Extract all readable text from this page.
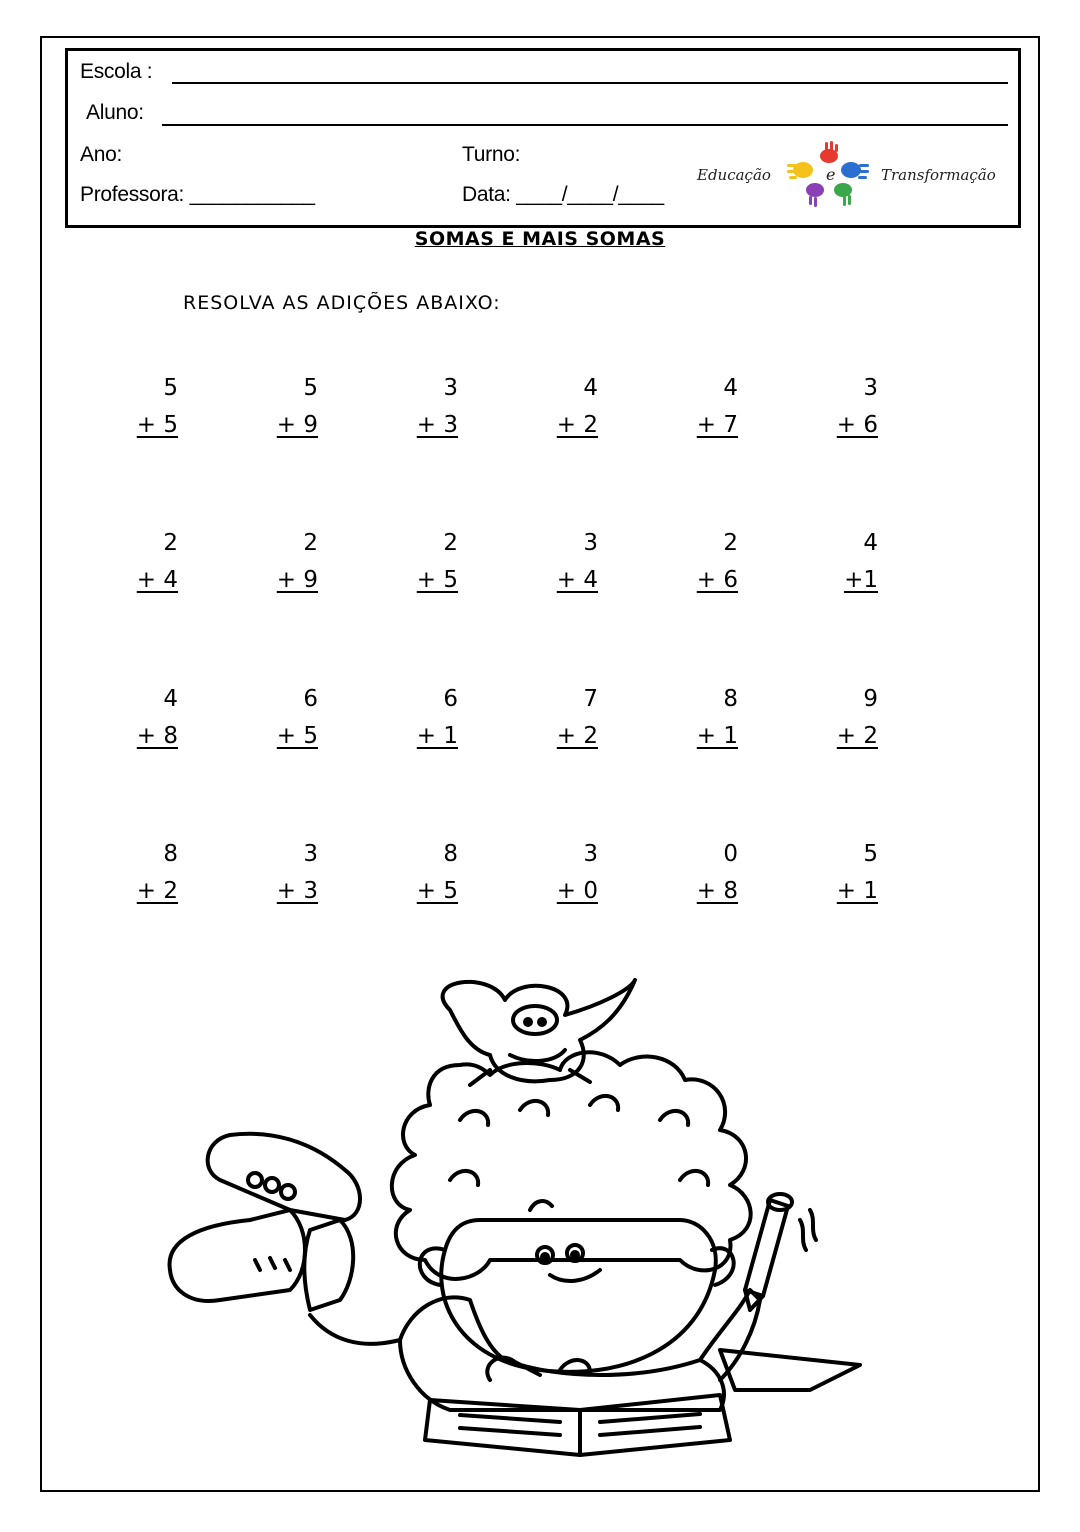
Escola :
Aluno:
Ano:	Turno:
Professora: ___________	Data: ____/____/____
Educação	e	Transformação
SOMAS E MAIS SOMAS
RESOLVA AS ADIÇÕES ABAIXO:
5
+ 5
5
+ 9
3
+ 3
4
+ 2
4
+ 7
3
+ 6
2
+ 4
2
+ 9
2
+ 5
3
+ 4
2
+ 6
4
+1
4
+ 8
6
+ 5
6
+ 1
7
+ 2
8
+ 1
9
+ 2
8
+ 2
3
+ 3
8
+ 5
3
+ 0
0
+ 8
5
+ 1
